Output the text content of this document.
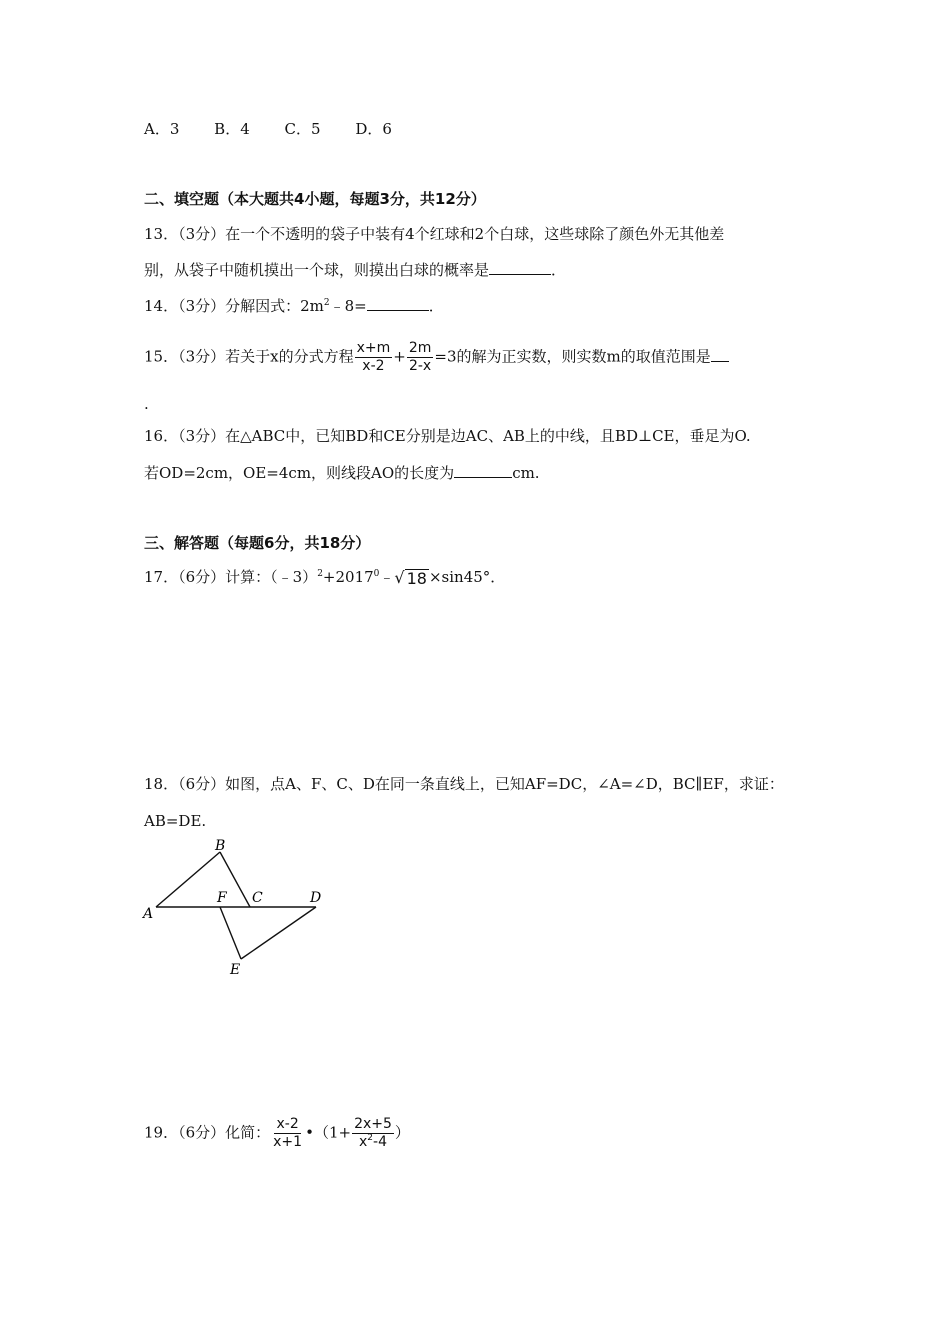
A．3 B．4 C．5 D．6
二、填空题（本大题共4小题，每题3分，共12分）
13．（3分）在一个不透明的袋子中装有4个红球和2个白球，这些球除了颜色外无其他差
别，从袋子中随机摸出一个球，则摸出白球的概率是	．
14．（3分）分解因式：$2m^2﹣8=$	．
15．（3分）若关于x的分式方程 $\frac{x+m}{x-2} + \frac{2m}{2-x} =3$的解为正实数，则实数m的取值范围是
.
16．（3分）在△ABC中，已知BD和CE分别是边AC、AB上的中线，且BD⊥CE，垂足为O.
若OD=2cm，OE=4cm，则线段AO的长度为	cm.
三、解答题（每题6分，共18分）
17．（6分）计算：$(﹣3)^2+2017^0﹣$ √ 18 ×sin45°．
18．（6分）如图，点A、F、C、D在同一条直线上，已知AF=DC，∠A=∠D，BC∥EF，求证：
AB=DE.
A
B
F C	D
E
19．（6分）化简： $\frac{x-2}{x+1}$ •（1+ $\frac{2x+5}{x^2-4}$ ）
